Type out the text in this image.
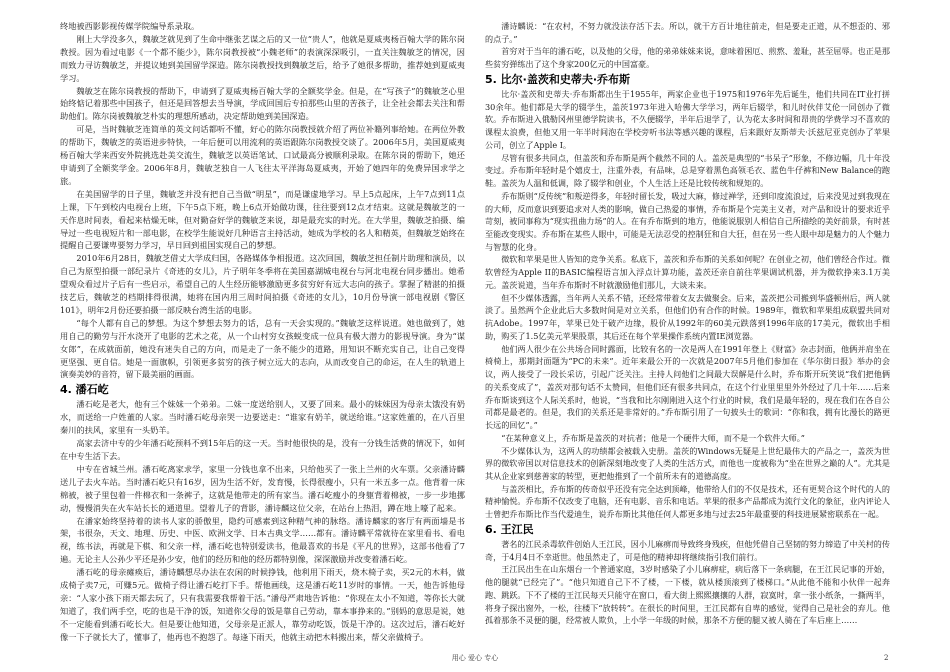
终地被西影影视传媒学院编导系录取。

刚上大学没多久，魏敏芝就见到了生命中继张艺谋之后的又一位“贵人”，他就是夏威夷杨百翰大学的陈尔岗教授。因为看过电影《一个都不能少》，陈尔岗教授被“小魏老师”的表演深深吸引，一直关注魏敏芝的情况，因而致力寻访魏敏芝，并提议她到美国留学深造。陈尔岗教授找到魏敏芝后，给予了她很多帮助，推荐她到夏威夷学习。

魏敏芝在陈尔岗教授的帮助下，申请到了夏威夷杨百翰大学的全额奖学金。但是，在“写孩子”的魏敏芝心里始终惦记着那些中国孩子，但还是回答想去当导演，学成回国后专拍那些山里的苦孩子，让全社会都去关注和帮助他们。陈尔岗被魏敏芝朴实的理想所感动，决定帮助她到美国深造。

可是，当时魏敏芝连简单的英文问话都听不懂，好心的陈尔岗教授就介绍了两位补籍列事给她。在两位外教的帮助下，魏敏芝的英语进步特快，一年后便可以用流利的英语跟陈尔岗教授交谈了。2006年5月，美国夏威夷杨百翰大学来西安外院挑选赴美交流生，魏敏芝以英语笔试、口试最高分被顺利录取。在陈尔岗的帮助下，她还申请到了全额奖学金。2006年8月，魏敏芝独自一人飞往太平洋海岛夏威夷，开始了她四年的免费异国求学之旅。

在美国留学的日子里，魏敏芝并没有把自己当做“明星”，而是谦虚地学习。早上5点起床，上午7点到11点上课，下午到校内电视台上班，下午5点下班，晚上6点开始做功课，往往要到12点才结束。这就是魏敏芝的一天作息时间表，看起来枯燥无味，但对勤奋好学的魏敏芝来说，却是最充实的时光。在大学里，魏敏芝拍摄、编导过一些电视短片和一部电影，在校学生能说好几种语言主持活动，她成为学校的名人和精英，但魏敏芝始终在提醒自己要谦卑要努力学习，早日回到祖国实现自己的梦想。

2010年6月28日，魏敏芝借丈大学成归国，各路媒体争相报道。这次回国，魏敏芝担任制片助理和演员，以自己为原型拍摄一部纪录片《奇迹的女儿》，片子明年冬季将在美国嘉湖城电视台与河北电视台同步播出。她希望观众看过片子后有一些启示，希望自己的人生经历能够激励更多贫穷好有远大志向的孩子。掌握了精湛的拍摄技艺后，魏敏芝的档期排得很满，她将在国内用三周时间拍摄《奇迹的女儿》，10月份导演一部电视剧《警区101》，明年2月份还要拍摄一部反映台湾生活的电影。

“每个人都有自己的梦想。为这个梦想去努力的话，总有一天会实现的。”魏敏芝这样说道。她也做到了，她用自己的勤劳与汗水浇开了电影的艺术之花，从一个山村穷女孩蜕变成一位具有极大潜力的影视导演。身为“谋女郎”，在成就面前，她没有迷失自己的方向，而是走了一条不能少的道路，用知识不断充实自己，让自己变得更坚强、更自信。她是一面旗帜，引领更多贫穷的孩子树立远大的志向，从而改变自己的命运，在人生的轨道上演奏美妙的音符，留下最美丽的画面。

4. 潘石屹

潘石屹是老大，他有三个妹妹一个弟弟。二妹一度送给别人，又要了回来。最小的妹妹因为母亲太饿没有奶水，而送给一户姓董的人家。当时潘石屹母亲哭一边要送走：“谁家有奶羊，就送给谁。”这家姓董的，在八百里秦川的扶风，家里有一头奶羊。

高家去济中专的少年潘石屹预料不到15年后的这一天。当时他很快的是，没有一分钱生活费的情况下，如何在中专生活下去。

中专在省城兰州。潘石屹离家求学，家里一分钱也拿不出来，只给他买了一张上兰州的火车票。父亲潘诗麟送儿子去火车站。当时潘石屹只有16岁，因为生活不好，发育慢，长得很瘦小，只有一米五多一点。他背着一床棉被，被子里包着一件棉衣和一条裤子，这就是他带走的所有家当。潘石屹瘦小的身躯背着棉被，一步一步地挪动，慢慢消失在火车站长长的通道里。望着儿子的背影，潘诗麟这位父亲，在站台上热泪，蹲在地上嚎了起来。

在潘家始终坚持着的读书人家的骄傲里，隐约可感素到这种精气神的脉络。潘诗麟家的客厅有两面墙是书架，书很杂，天文、地理、历史、中医、欧洲文学、日本古典文学……都有。潘诗麟平常就待在家里看书、看电视，练书法，再就是下棋、和父亲一样，潘石屹也特别爱读书，他最喜欢的书是《平凡的世界》，这部书他看了7遍。无论主人公孙少平还是孙少安，他们的经历和他的经历都特别像，深深激励并改变着潘石屹。

潘石屹的母亲瘫痪后，潘诗麟想尽办法在农闲的时候挣钱，他利用下雨天，烧木椅子卖，买2元的木料，做成椅子卖7元，可赚5元。做椅子得让潘石屹打下手。帮他画线，这是潘石屹11岁时的事情。一天，他告诉他母亲：“人家小孩下雨天都去玩了，只有我需要我帮着干活。”潘母严肃地告诉他：“你现在太小不知道，等你长大就知道了，我们两手空，吃的也是干净的饭，知道你父母的饭是靠自己劳动，靠本事挣来的。”别妈的意思是说，她不一定能看到潘石屹长大。但是要让他知道，父母亲是正派人，靠劳动吃饭，饭是干净的。这次过后，潘石屹好像一下子就长大了，懂事了，他再也不抱怨了。每逢下雨天，他就主动把木料搬出来，帮父亲做椅子。

潘诗麟说：“在农村，不努力就没法存活下去。所以，就干方百计地往前走，但是要走正道，从不想歪的、邪的点子。”

首穷对于当年的潘石屹，以及他的父母，他的弟弟妹妹来说，意味着困厄、煎熬、羞耻，甚至屈辱。也正是那些贫穷弹练出了这个身家200亿元的中国富豪。

5. 比尔·盖茨和史蒂夫·乔布斯

比尔·盖茨和史蒂夫·乔布斯都出生于1955年，两家企业也于1975和1976年先后诞生，他们共同在IT业打拼30余年。他们都是大学的辍学生，盖茨1973年进入哈佛大学学习，两年后辍学，和儿时伙伴艾伦一同创办了微软。乔布斯进入俄勒冈州里德学院读书，不久便辍学，半年后退学了，认为花太多时间和昂贵的学费学习不喜欢的课程太浪费，但他又用一年半时间泡在学校旁听书法等感兴趣的课程，后来跟好友斯蒂夫·沃兹尼亚克创办了苹果公司，创立了Apple I。

尽管有很多共同点，但盖茨和乔布斯是两个截然不同的人。盖茨是典型的“书呆子”形象，不修边幅，几十年没变过。乔布斯年轻时是个嬉皮士，注重外表，有品味，总是穿着黑色高领毛衣、蓝色牛仔裤和New Balance的跑鞋。盖茨为人温和低调，除了辍学和创业，个人生活上还是比较传统和规矩的。

乔布斯则“反传统”和叛逆得多，年轻时留长发，吸过大麻，修过禅学，还到印度流浪过，后来没见过到我现在的大师，反而意识到要追求对人类的影响，做自己热爱的事情，乔布斯是个完美主义者，对产品和设计的要求近乎苛刻，被同事称为“现实扭曲力场”的人。在有乔布斯到的地方，他能说服别人相信自己所描绘的美好前景，有时甚至能改变现实。乔布斯在某些人眼中，可能是无法忍受的控制狂和自大狂，但在另一些人眼中却是魅力的人个魅力与智慧的化身。

微软和苹果是世人皆知的竞争关系。私底下，盖茨和乔布斯的关系如何呢？在创业之初，他们曾经合作过。微软曾经为Apple II的BASIC编程语言加入浮点计算功能，盖茨还亲自前往苹果调试机器，并为微软挣来3.1万美元。盖茨说道，当年乔布斯时不时就激励他们那儿，大谈未来。

但不少媒体透露，当年两人关系不错，还经常带着女友去做聚会。后来，盖茨把公司搬到华盛顿州后，两人就淡了。虽然两个企业此后大多数时间是对立关系，但他们仍有合作的时候。1989年，微软和苹果组成联盟共同对抗Adobe。1997年，苹果已处于破产边缘，股价从1992年的60美元跌落到1996年底的17美元，微软出手相助，购买了1.5亿美元苹果股票，其后还在每个苹果操作系统内置IE浏览器。

他们两人很少在公共场合同时露面，比较有名的一次是两人在1991年登上《财富》杂志封面，他俩并肩坐在椅椅上，那期封面题为“PC的未来”。近年来最公开的一次就是2007年5月他们参加在《华尔街日报》举办的会议，两人接受了一段长采访，引起广泛关注。主持人问他们之间最大误解是什么时，乔布斯开玩笑说“我们把他俩的关系变成了”，盖茨对那句话不太赞同，但他们还有很多共同点，在这个行业里里里外外经过了几十年……后来乔布斯谈到这个人际关系时，他说，“当我和比尔刚刚进入这个行业的时候，我们是最年轻的，现在我们在各自公司都是最老的。但是，我们的关系还是非常好的。”乔布斯引用了一句披头士的歌词：“你和我，拥有比漫长的路更长远的回忆”。”

“在某种意义上，乔布斯是盖茨的对抗者；他是一个硬件大师，而不是一个软件大师。”

不少媒体认为，这两人的功绩都会被载入史册。盖茨的Windows无疑是上世纪最伟大的产品之一，盖茨为世界的微软帝国以对信息技术的创新深刻地改变了人类的生活方式，而他也一度被称为“坐在世界之巅的人”。尤其是其从企业家到慈善家的转型，更把他推到了一个前所未有的道德高度。

与盖茨相比，乔布斯的传奇似乎还没有完全达到顶峰，他带给人们的不仅是技术，还有更契合这个时代的人的精神愉悦。乔布斯不仅改变了电脑，还有电影、音乐和电话。苹果的很多产品都成为流行文化的象征，业内评论人士曾把乔布斯比作当代爱迪生，说乔布斯比其他任何人都更多地与过去25年最重要的科技进展紧密联系在一起。

6. 王江民

著名的江民杀毒软件创始人王江民，因小儿麻痹而导致终身残疾，但他凭借自己坚韧的努力缔造了中关村的传奇，于4月4日不幸逝世。他虽然走了，可是他的精神却将继续指引我们前行。

王江民出生在山东烟台一个普通家庭，3岁时感染了小儿麻痹症，病后落下一条病腿，在王江民记事的开始，他的腿就“已经完了”。“他只知道自己下不了楼，一下楼，就从楼顶滚到了楼梯口。”从此他不能和小伙伴一起奔跑、跳跃。下不了楼的王江民每天只能守在窗口，看大街上熙熙攘攘的人群，寂寞时，拿一张小纸条，一撕两半，将身子探出窗外，一松，往楼下“放转转”。在很长的时间里，王江民都有自卑的感觉，觉得自己是社会的弃儿。他孤着那条不灵便的腿，经常被人欺负，上小学一年级的时候，那条不方便的腿又被人骑在了车后座上……

用心 爱心 专心	2
